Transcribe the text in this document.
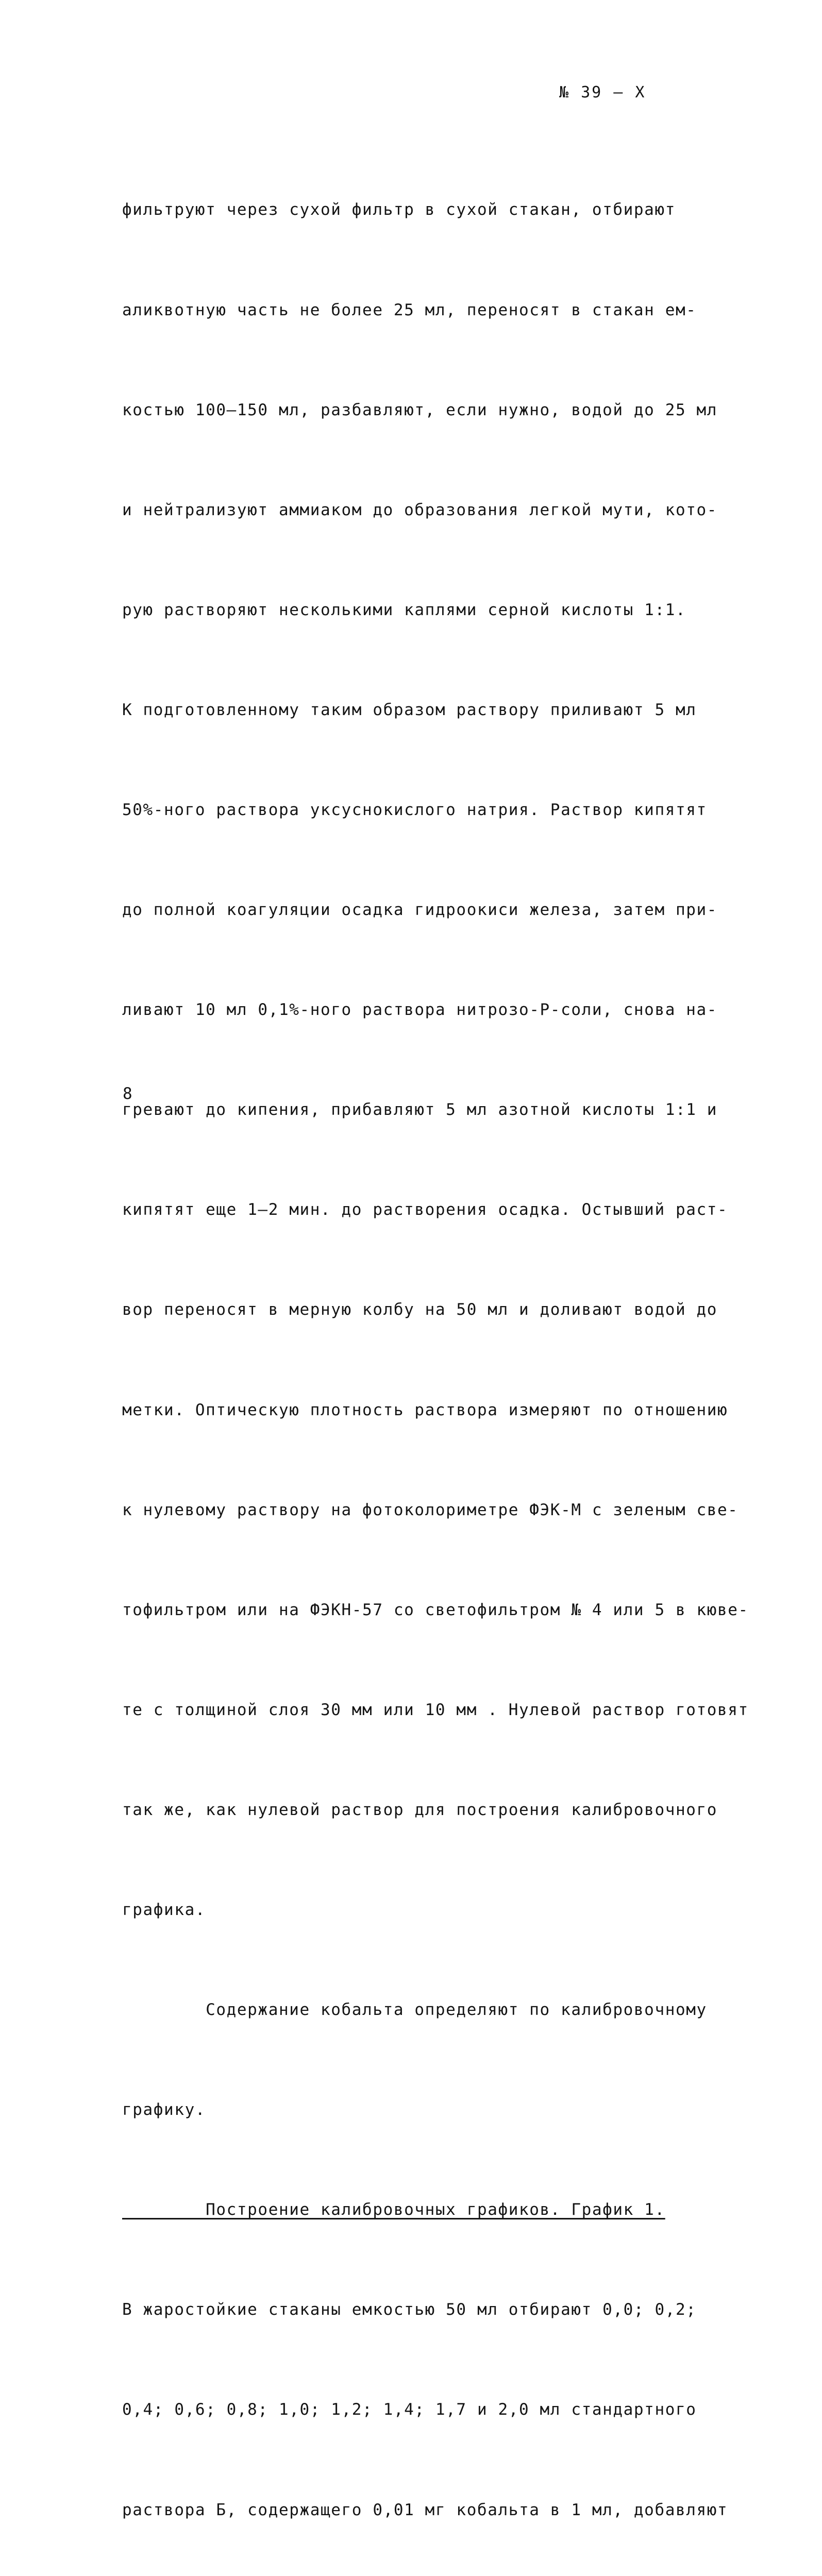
№ 39 – X

фильтруют через сухой фильтр в сухой стакан, отбирают

аликвотную часть не более 25 мл, переносят в стакан ем-

костью 100–150 мл, разбавляют, если нужно, водой до 25 мл

и нейтрализуют аммиаком до образования легкой мути, кото-

рую растворяют несколькими каплями серной кислоты 1:1.

К подготовленному таким образом раствору приливают 5 мл

50%-ного раствора уксуснокислого натрия. Раствор кипятят

до полной коагуляции осадка гидроокиси железа, затем при-

ливают 10 мл 0,1%-ного раствора нитрозо-Р-соли, снова на-

гревают до кипения, прибавляют 5 мл азотной кислоты 1:1 и

кипятят еще 1–2 мин. до растворения осадка. Остывший раст-

вор переносят в мерную колбу на 50 мл и доливают водой до

метки. Оптическую плотность раствора измеряют по отношению

к нулевому раствору на фотоколориметре ФЭК-М с зеленым све-

тофильтром или на ФЭКН-57 со светофильтром № 4 или 5 в кюве-

те с толщиной слоя 30 мм или 10 мм . Нулевой раствор готовят

так же, как нулевой раствор для построения калибровочного

графика.

Содержание кобальта определяют по калибровочному

графику.

Построение калибровочных графиков. График 1.

В жаростойкие стаканы емкостью 50 мл отбирают 0,0; 0,2;

0,4; 0,6; 0,8; 1,0; 1,2; 1,4; 1,7 и 2,0 мл стандартного

раствора Б, содержащего 0,01 мг кобальта в 1 мл, добавляют

8
